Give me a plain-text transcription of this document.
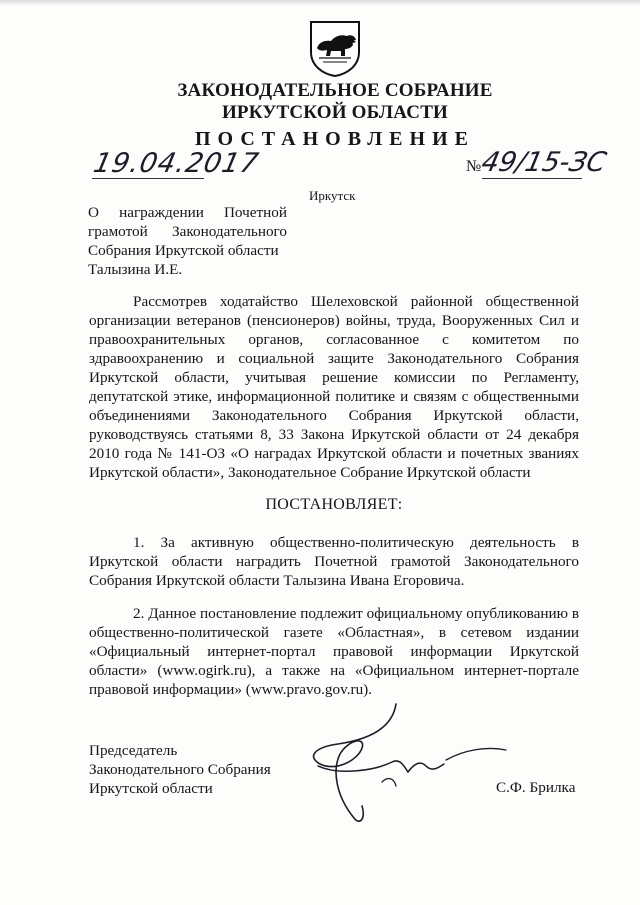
ЗАКОНОДАТЕЛЬНОЕ СОБРАНИЕ
ИРКУТСКОЙ ОБЛАСТИ
ПОСТАНОВЛЕНИЕ
19.04.2017	№
49/15-ЗС
Иркутск
О награждении Почетной
грамотой Законодательного
Собрания Иркутской области
Талызина И.Е.
Рассмотрев ходатайство Шелеховской районной общественной организации ветеранов (пенсионеров) войны, труда, Вооруженных Сил и правоохранительных органов, согласованное с комитетом по здравоохранению и социальной защите Законодательного Собрания Иркутской области, учитывая решение комиссии по Регламенту, депутатской этике, информационной политике и связям с общественными объединениями Законодательного Собрания Иркутской области, руководствуясь статьями 8, 33 Закона Иркутской области от 24 декабря 2010 года № 141-ОЗ «О наградах Иркутской области и почетных званиях Иркутской области», Законодательное Собрание Иркутской области
ПОСТАНОВЛЯЕТ:
1. За активную общественно-политическую деятельность в Иркутской области наградить Почетной грамотой Законодательного Собрания Иркутской области Талызина Ивана Егоровича.
2. Данное постановление подлежит официальному опубликованию в общественно-политической газете «Областная», в сетевом издании «Официальный интернет-портал правовой информации Иркутской области» (www.ogirk.ru), а также на «Официальном интернет-портале правовой информации» (www.pravo.gov.ru).
Председатель
Законодательного Собрания
Иркутской области	С.Ф. Брилка
